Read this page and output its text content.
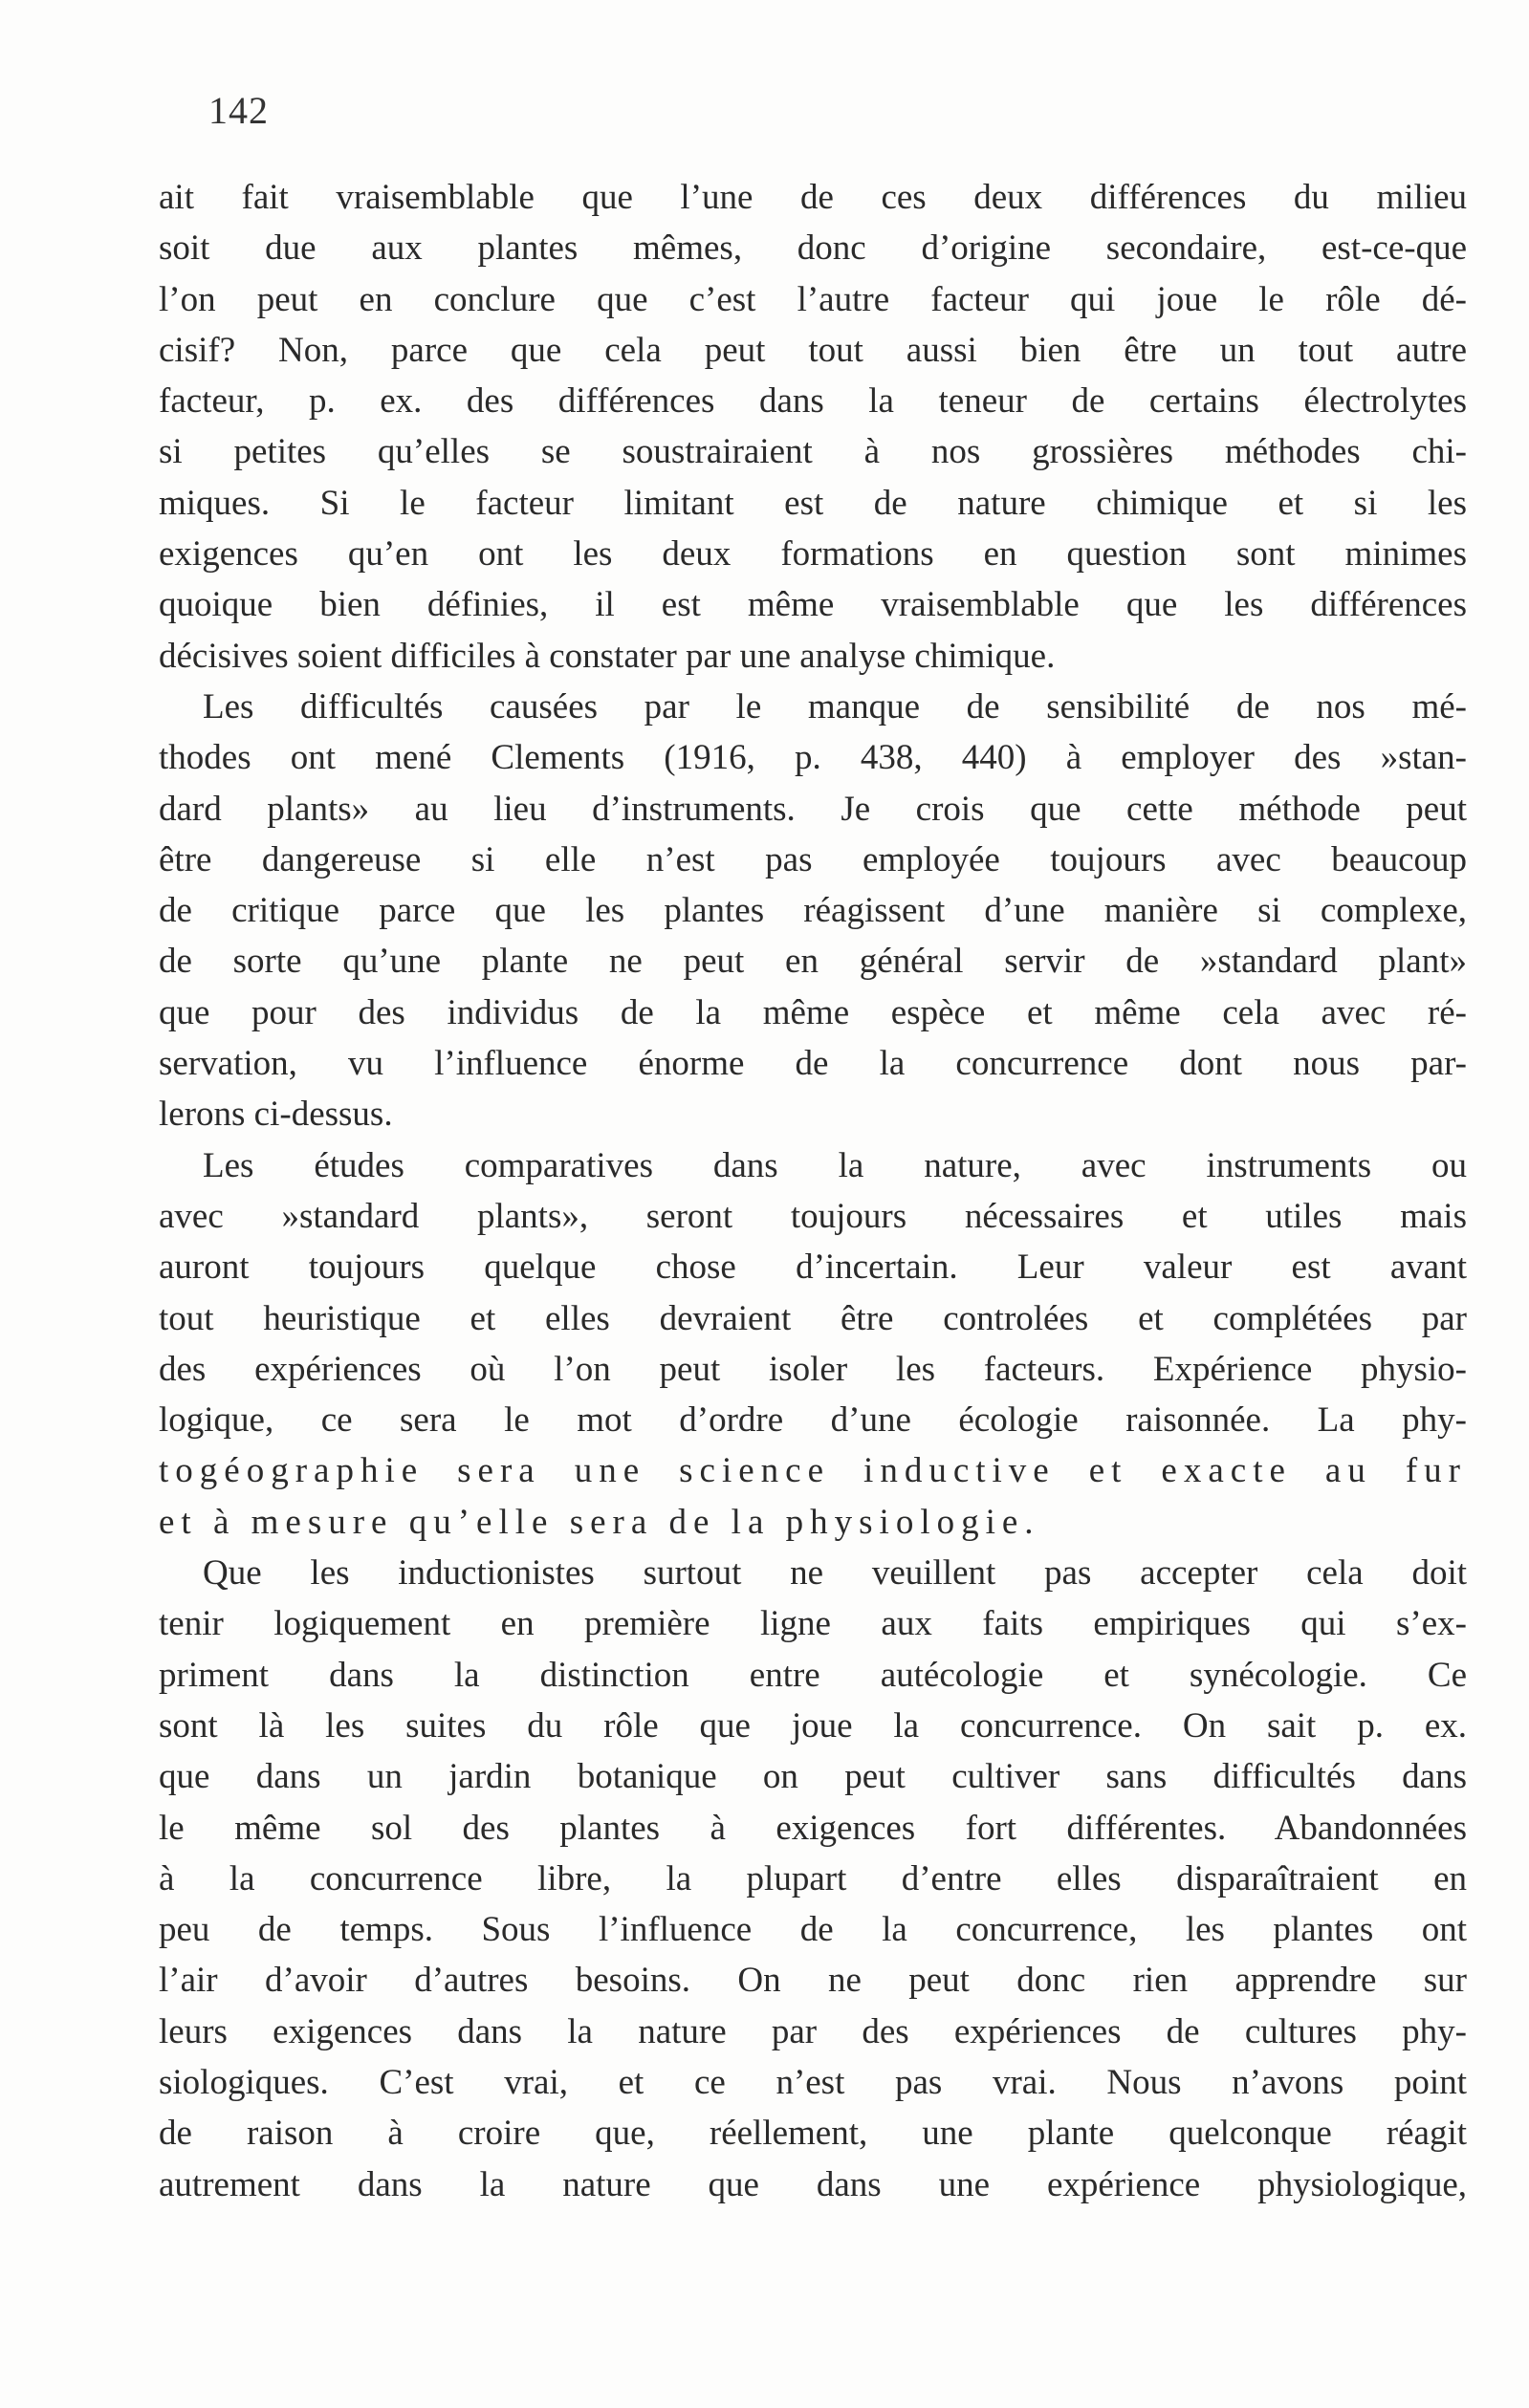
142
ait fait vraisemblable que l’une de ces deux différences du milieu
soit due aux plantes mêmes, donc d’origine secondaire, est-ce-que
l’on peut en conclure que c’est l’autre facteur qui joue le rôle dé-
cisif? Non, parce que cela peut tout aussi bien être un tout autre
facteur, p. ex. des différences dans la teneur de certains électrolytes
si petites qu’elles se soustrairaient à nos grossières méthodes chi-
miques. Si le facteur limitant est de nature chimique et si les
exigences qu’en ont les deux formations en question sont minimes
quoique bien définies, il est même vraisemblable que les différences
décisives soient difficiles à constater par une analyse chimique.
Les difficultés causées par le manque de sensibilité de nos mé-
thodes ont mené Clements (1916, p. 438, 440) à employer des »stan-
dard plants» au lieu d’instruments. Je crois que cette méthode peut
être dangereuse si elle n’est pas employée toujours avec beaucoup
de critique parce que les plantes réagissent d’une manière si complexe,
de sorte qu’une plante ne peut en général servir de »standard plant»
que pour des individus de la même espèce et même cela avec ré-
servation, vu l’influence énorme de la concurrence dont nous par-
lerons ci-dessus.
Les études comparatives dans la nature, avec instruments ou
avec »standard plants», seront toujours nécessaires et utiles mais
auront toujours quelque chose d’incertain. Leur valeur est avant
tout heuristique et elles devraient être controlées et complétées par
des expériences où l’on peut isoler les facteurs. Expérience physio-
logique, ce sera le mot d’ordre d’une écologie raisonnée. La phy-
togéographie sera une science inductive et exacte au fur
et à mesure qu’elle sera de la physiologie.
Que les inductionistes surtout ne veuillent pas accepter cela doit
tenir logiquement en première ligne aux faits empiriques qui s’ex-
priment dans la distinction entre autécologie et synécologie. Ce
sont là les suites du rôle que joue la concurrence. On sait p. ex.
que dans un jardin botanique on peut cultiver sans difficultés dans
le même sol des plantes à exigences fort différentes. Abandonnées
à la concurrence libre, la plupart d’entre elles disparaîtraient en
peu de temps. Sous l’influence de la concurrence, les plantes ont
l’air d’avoir d’autres besoins. On ne peut donc rien apprendre sur
leurs exigences dans la nature par des expériences de cultures phy-
siologiques. C’est vrai, et ce n’est pas vrai. Nous n’avons point
de raison à croire que, réellement, une plante quelconque réagit
autrement dans la nature que dans une expérience physiologique,
